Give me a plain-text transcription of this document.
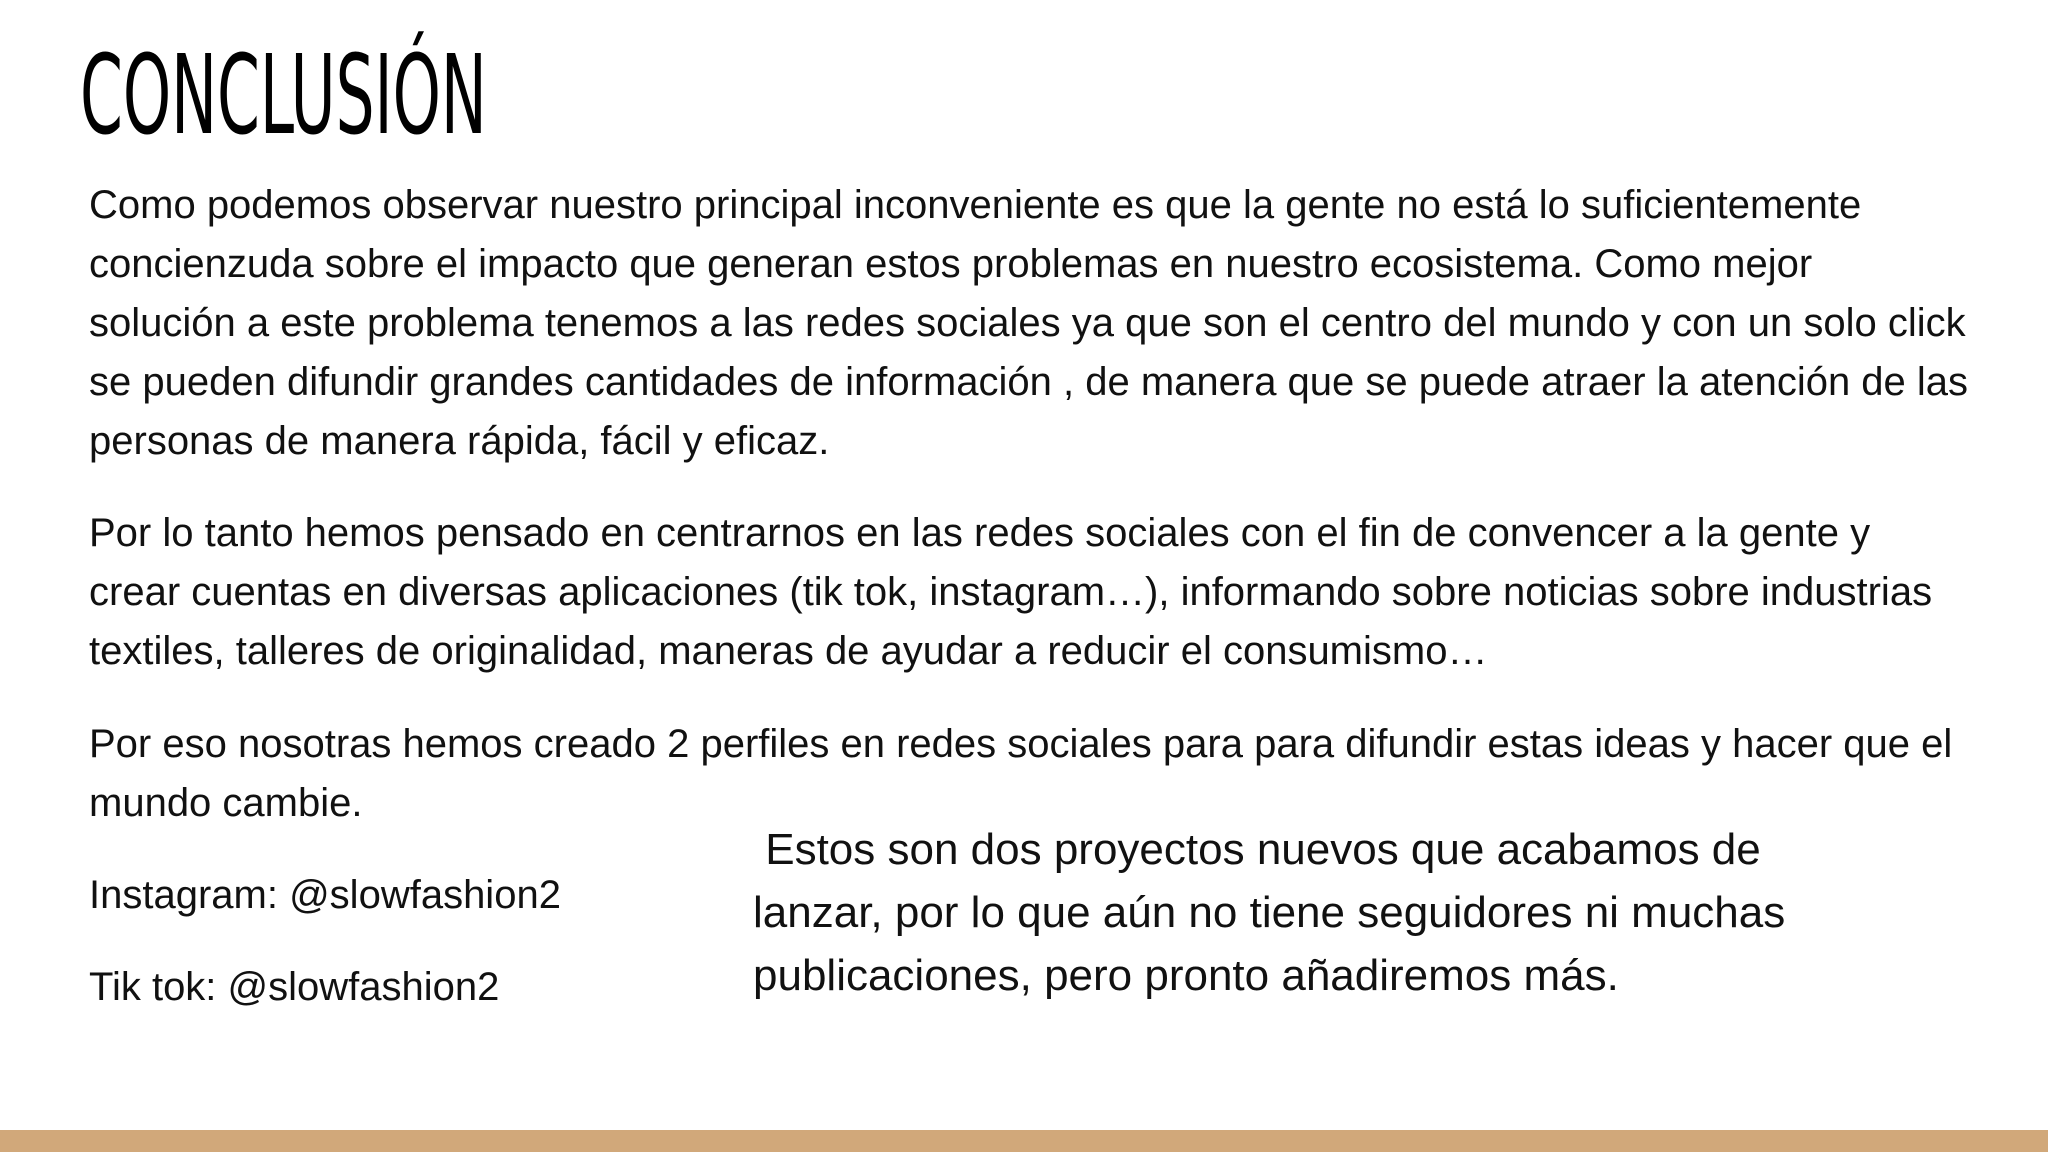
CONCLUSIÓN

Como podemos observar nuestro principal inconveniente es que la gente no está lo suficientemente concienzuda sobre el impacto que generan estos problemas en nuestro ecosistema. Como mejor solución a este problema tenemos a las redes sociales ya que son el centro del mundo y con un solo click se pueden difundir grandes cantidades de información , de manera que se puede atraer la atención de las personas de manera rápida, fácil y eficaz.

Por lo tanto hemos pensado en centrarnos en las redes sociales con el fin de convencer a la gente y crear cuentas en diversas aplicaciones (tik tok, instagram…), informando sobre noticias sobre industrias textiles, talleres de originalidad, maneras de ayudar a reducir el consumismo…

Por eso nosotras hemos creado 2 perfiles en redes sociales para para difundir estas ideas y hacer que el mundo cambie.

Instagram: @slowfashion2

Tik tok: @slowfashion2

Estos son dos proyectos nuevos que acabamos de lanzar, por lo que aún no tiene seguidores ni muchas publicaciones, pero pronto añadiremos más.
